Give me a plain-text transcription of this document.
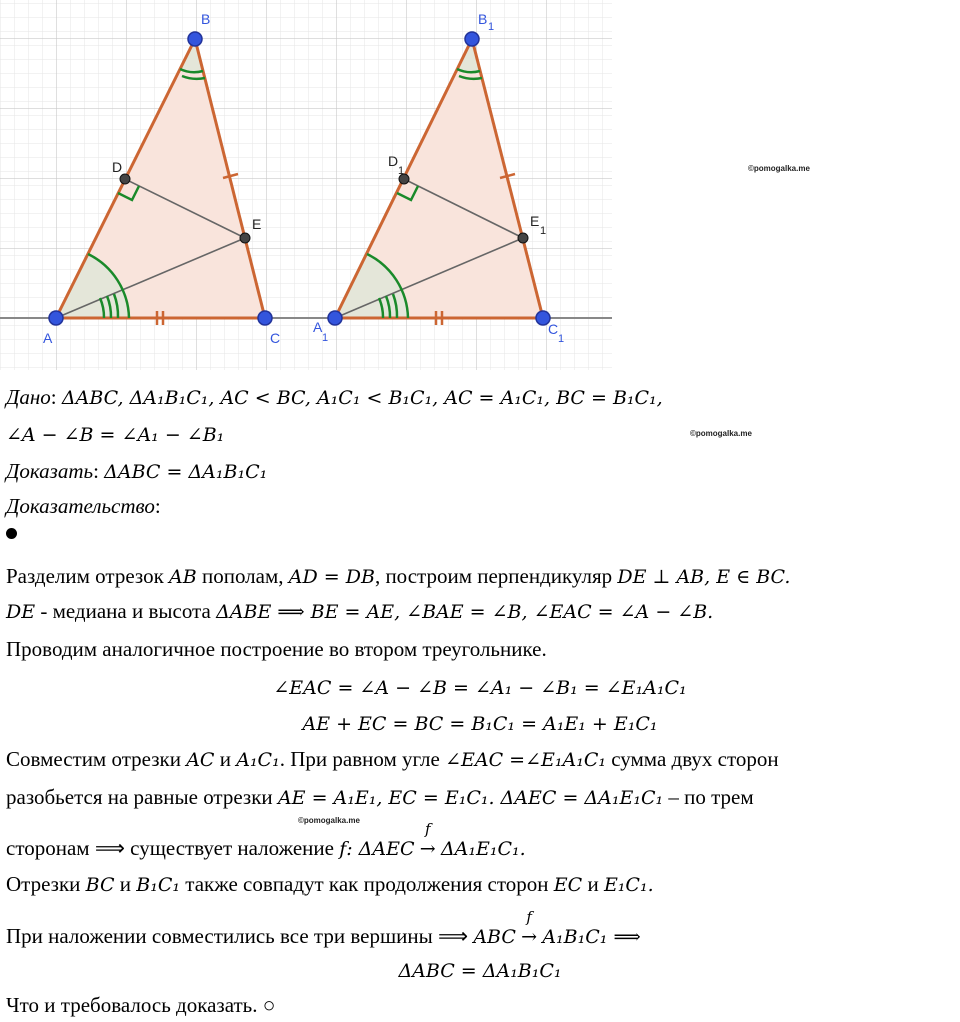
B
D
E
A	C
B 1
D
1
E
1
A
1
C
1
©pomogalka.me
©pomogalka.me
©pomogalka.me
Дано: ΔABC, ΔA₁B₁C₁, AC < BC, A₁C₁ < B₁C₁, AC = A₁C₁, BC = B₁C₁,
∠A − ∠B = ∠A₁ − ∠B₁
Доказать: ΔABC = ΔA₁B₁C₁
Доказательство:
Разделим отрезок AB пополам, AD = DB, построим перпендикуляр DE ⊥ AB, E ∈ BC.
DE - медиана и высота ΔABE ⟹ BE = AE, ∠BAE = ∠B, ∠EAC = ∠A − ∠B.
Проводим аналогичное построение во втором треугольнике.
∠EAC = ∠A − ∠B = ∠A₁ − ∠B₁ = ∠E₁A₁C₁
AE + EC = BC = B₁C₁ = A₁E₁ + E₁C₁
Совместим отрезки AC и A₁C₁. При равном угле ∠EAC =∠E₁A₁C₁ сумма двух сторон
разобьется на равные отрезки AE = A₁E₁, EC = E₁C₁. ΔAEC = ΔA₁E₁C₁ – по трем
сторонам ⟹ существует наложение f: ΔAEC
f
→ ΔA₁E₁C₁.
Отрезки BC и B₁C₁ также совпадут как продолжения сторон EC и E₁C₁.
При наложении совместились все три вершины ⟹ ABC
f
→ A₁B₁C₁ ⟹
ΔABC = ΔA₁B₁C₁
Что и требовалось доказать. ○
